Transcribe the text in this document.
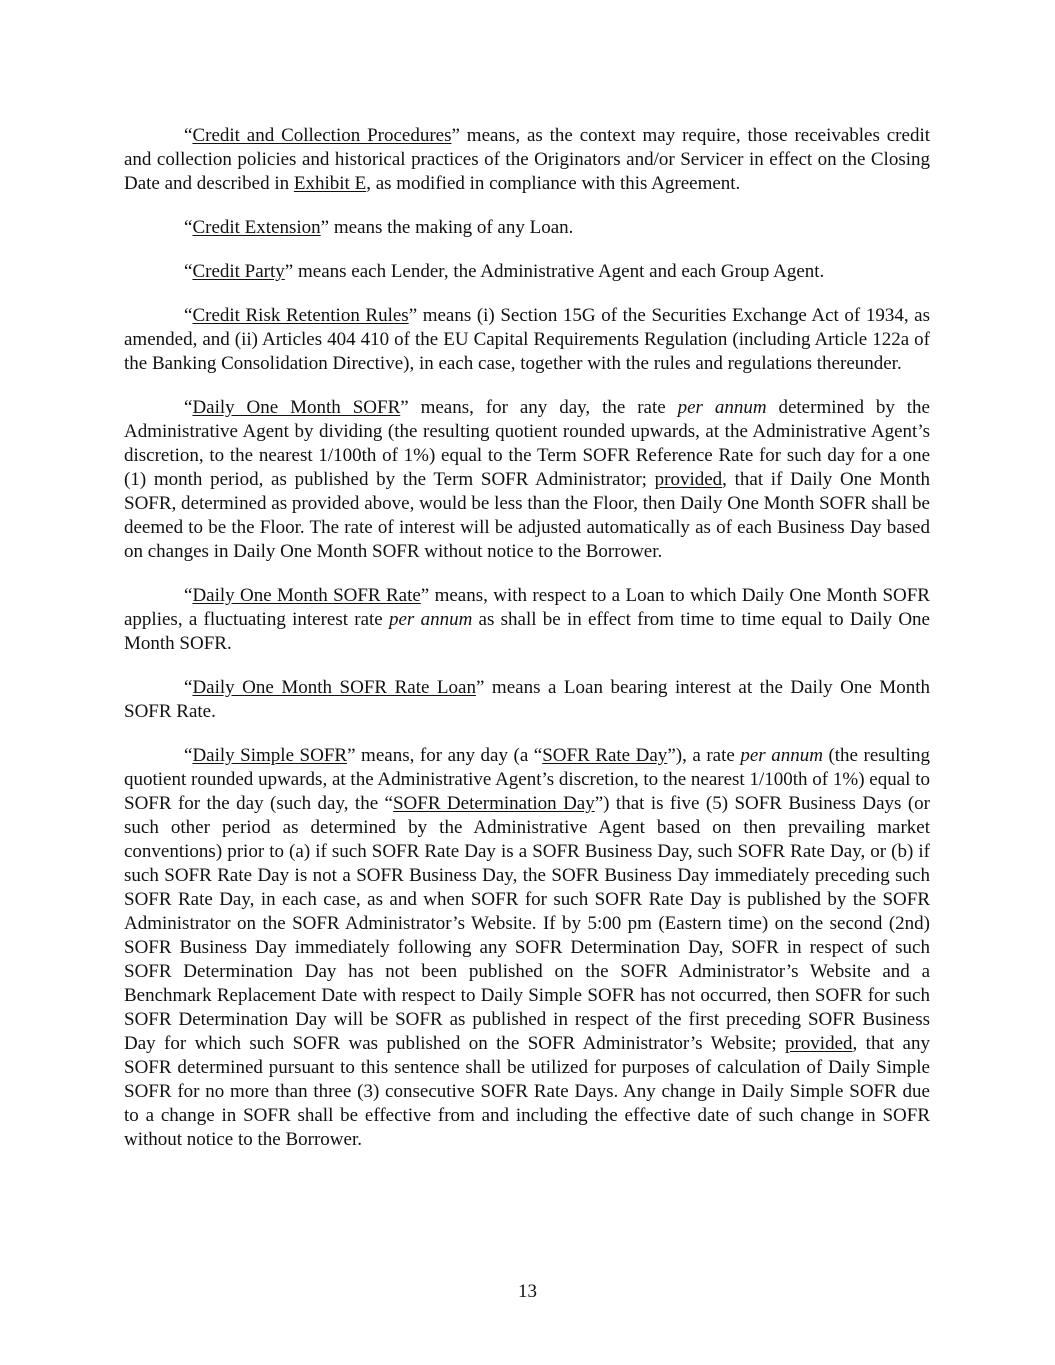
“Credit and Collection Procedures” means, as the context may require, those receivables credit and collection policies and historical practices of the Originators and/or Servicer in effect on the Closing Date and described in Exhibit E, as modified in compliance with this Agreement.

“Credit Extension” means the making of any Loan.

“Credit Party” means each Lender, the Administrative Agent and each Group Agent.

“Credit Risk Retention Rules” means (i) Section 15G of the Securities Exchange Act of 1934, as amended, and (ii) Articles 404 410 of the EU Capital Requirements Regulation (including Article 122a of the Banking Consolidation Directive), in each case, together with the rules and regulations thereunder.

“Daily One Month SOFR” means, for any day, the rate per annum determined by the Administrative Agent by dividing (the resulting quotient rounded upwards, at the Administrative Agent’s discretion, to the nearest 1/100th of 1%) equal to the Term SOFR Reference Rate for such day for a one (1) month period, as published by the Term SOFR Administrator; provided, that if Daily One Month SOFR, determined as provided above, would be less than the Floor, then Daily One Month SOFR shall be deemed to be the Floor. The rate of interest will be adjusted automatically as of each Business Day based on changes in Daily One Month SOFR without notice to the Borrower.

“Daily One Month SOFR Rate” means, with respect to a Loan to which Daily One Month SOFR applies, a fluctuating interest rate per annum as shall be in effect from time to time equal to Daily One Month SOFR.

“Daily One Month SOFR Rate Loan” means a Loan bearing interest at the Daily One Month SOFR Rate.

“Daily Simple SOFR” means, for any day (a “SOFR Rate Day”), a rate per annum (the resulting quotient rounded upwards, at the Administrative Agent’s discretion, to the nearest 1/100th of 1%) equal to SOFR for the day (such day, the “SOFR Determination Day”) that is five (5) SOFR Business Days (or such other period as determined by the Administrative Agent based on then prevailing market conventions) prior to (a) if such SOFR Rate Day is a SOFR Business Day, such SOFR Rate Day, or (b) if such SOFR Rate Day is not a SOFR Business Day, the SOFR Business Day immediately preceding such SOFR Rate Day, in each case, as and when SOFR for such SOFR Rate Day is published by the SOFR Administrator on the SOFR Administrator’s Website. If by 5:00 pm (Eastern time) on the second (2nd) SOFR Business Day immediately following any SOFR Determination Day, SOFR in respect of such SOFR Determination Day has not been published on the SOFR Administrator’s Website and a Benchmark Replacement Date with respect to Daily Simple SOFR has not occurred, then SOFR for such SOFR Determination Day will be SOFR as published in respect of the first preceding SOFR Business Day for which such SOFR was published on the SOFR Administrator’s Website; provided, that any SOFR determined pursuant to this sentence shall be utilized for purposes of calculation of Daily Simple SOFR for no more than three (3) consecutive SOFR Rate Days. Any change in Daily Simple SOFR due to a change in SOFR shall be effective from and including the effective date of such change in SOFR without notice to the Borrower.

13
